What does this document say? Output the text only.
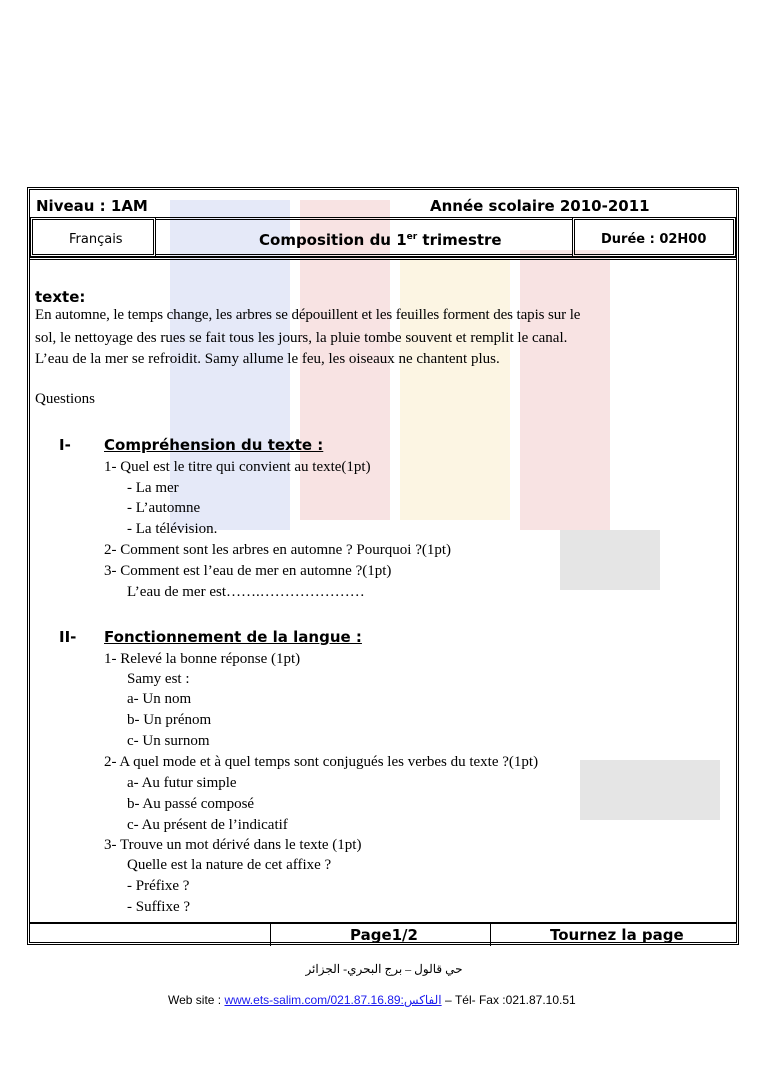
Niveau : 1AM	Année scolaire 2010-2011
Français	Composition du 1er trimestre	Durée : 02H00
texte:
En automne, le temps change, les arbres se dépouillent et les feuilles forment des tapis sur le
sol, le nettoyage des rues se fait tous les jours, la pluie tombe souvent et remplit le canal.
L’eau de la mer se refroidit. Samy allume le feu, les oiseaux ne chantent plus.
Questions
I- Compréhension du texte :
1- Quel est le titre qui convient au texte(1pt)
- La mer
- L’automne
- La télévision.
2- Comment sont les arbres en automne ? Pourquoi ?(1pt)
3- Comment est l’eau de mer en automne ?(1pt)
L’eau de mer est…….…………………
II- Fonctionnement de la langue :
1- Relevé la bonne réponse (1pt)
Samy est :
a- Un nom
b- Un prénom
c- Un surnom
2- A quel mode et à quel temps sont conjugués les verbes du texte ?(1pt)
a- Au futur simple
b- Au passé composé
c- Au présent de l’indicatif
3- Trouve un mot dérivé dans le texte (1pt)
Quelle est la nature de cet affixe ?
- Préfixe ?
- Suffixe ?
Page1/2	Tournez la page
حي قالول – برج البحري- الجزائر
Web site : www.ets-salim.com/021.87.16.89:الفاكس – Tél- Fax :021.87.10.51
